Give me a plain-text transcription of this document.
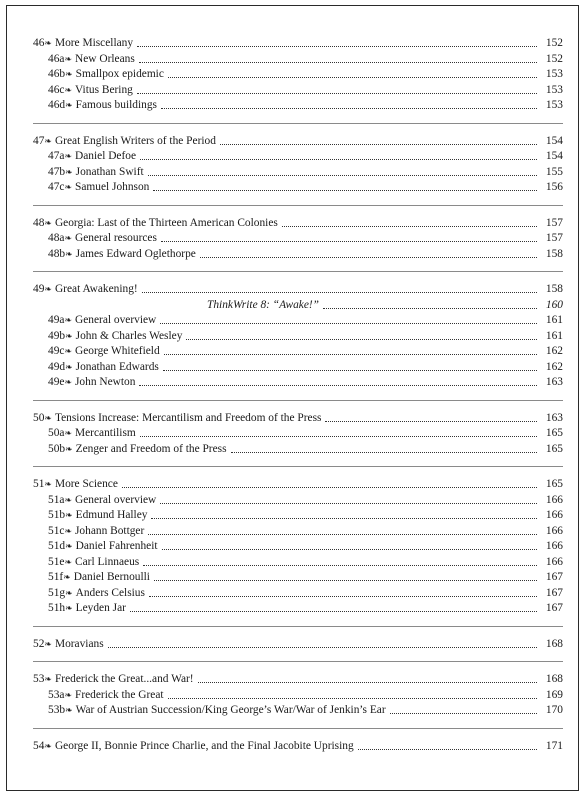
46 ❧ More Miscellany	152
46a ❧ New Orleans	152
46b ❧ Smallpox epidemic	153
46c ❧ Vitus Bering	153
46d ❧ Famous buildings	153
47 ❧ Great English Writers of the Period	154
47a ❧ Daniel Defoe	154
47b ❧ Jonathan Swift	155
47c ❧ Samuel Johnson	156
48 ❧ Georgia: Last of the Thirteen American Colonies	157
48a ❧ General resources	157
48b ❧ James Edward Oglethorpe	158
49 ❧ Great Awakening!	158
ThinkWrite 8: “Awake!”	160
49a ❧ General overview	161
49b ❧ John & Charles Wesley	161
49c ❧ George Whitefield	162
49d ❧ Jonathan Edwards	162
49e ❧ John Newton	163
50 ❧ Tensions Increase: Mercantilism and Freedom of the Press	163
50a ❧ Mercantilism	165
50b ❧ Zenger and Freedom of the Press	165
51 ❧ More Science	165
51a ❧ General overview	166
51b ❧ Edmund Halley	166
51c ❧ Johann Bottger	166
51d ❧ Daniel Fahrenheit	166
51e ❧ Carl Linnaeus	166
51f ❧ Daniel Bernoulli	167
51g ❧ Anders Celsius	167
51h ❧ Leyden Jar	167
52 ❧ Moravians	168
53 ❧ Frederick the Great...and War!	168
53a ❧ Frederick the Great	169
53b ❧ War of Austrian Succession/King George’s War/War of Jenkin’s Ear	170
54 ❧ George II, Bonnie Prince Charlie, and the Final Jacobite Uprising	171
